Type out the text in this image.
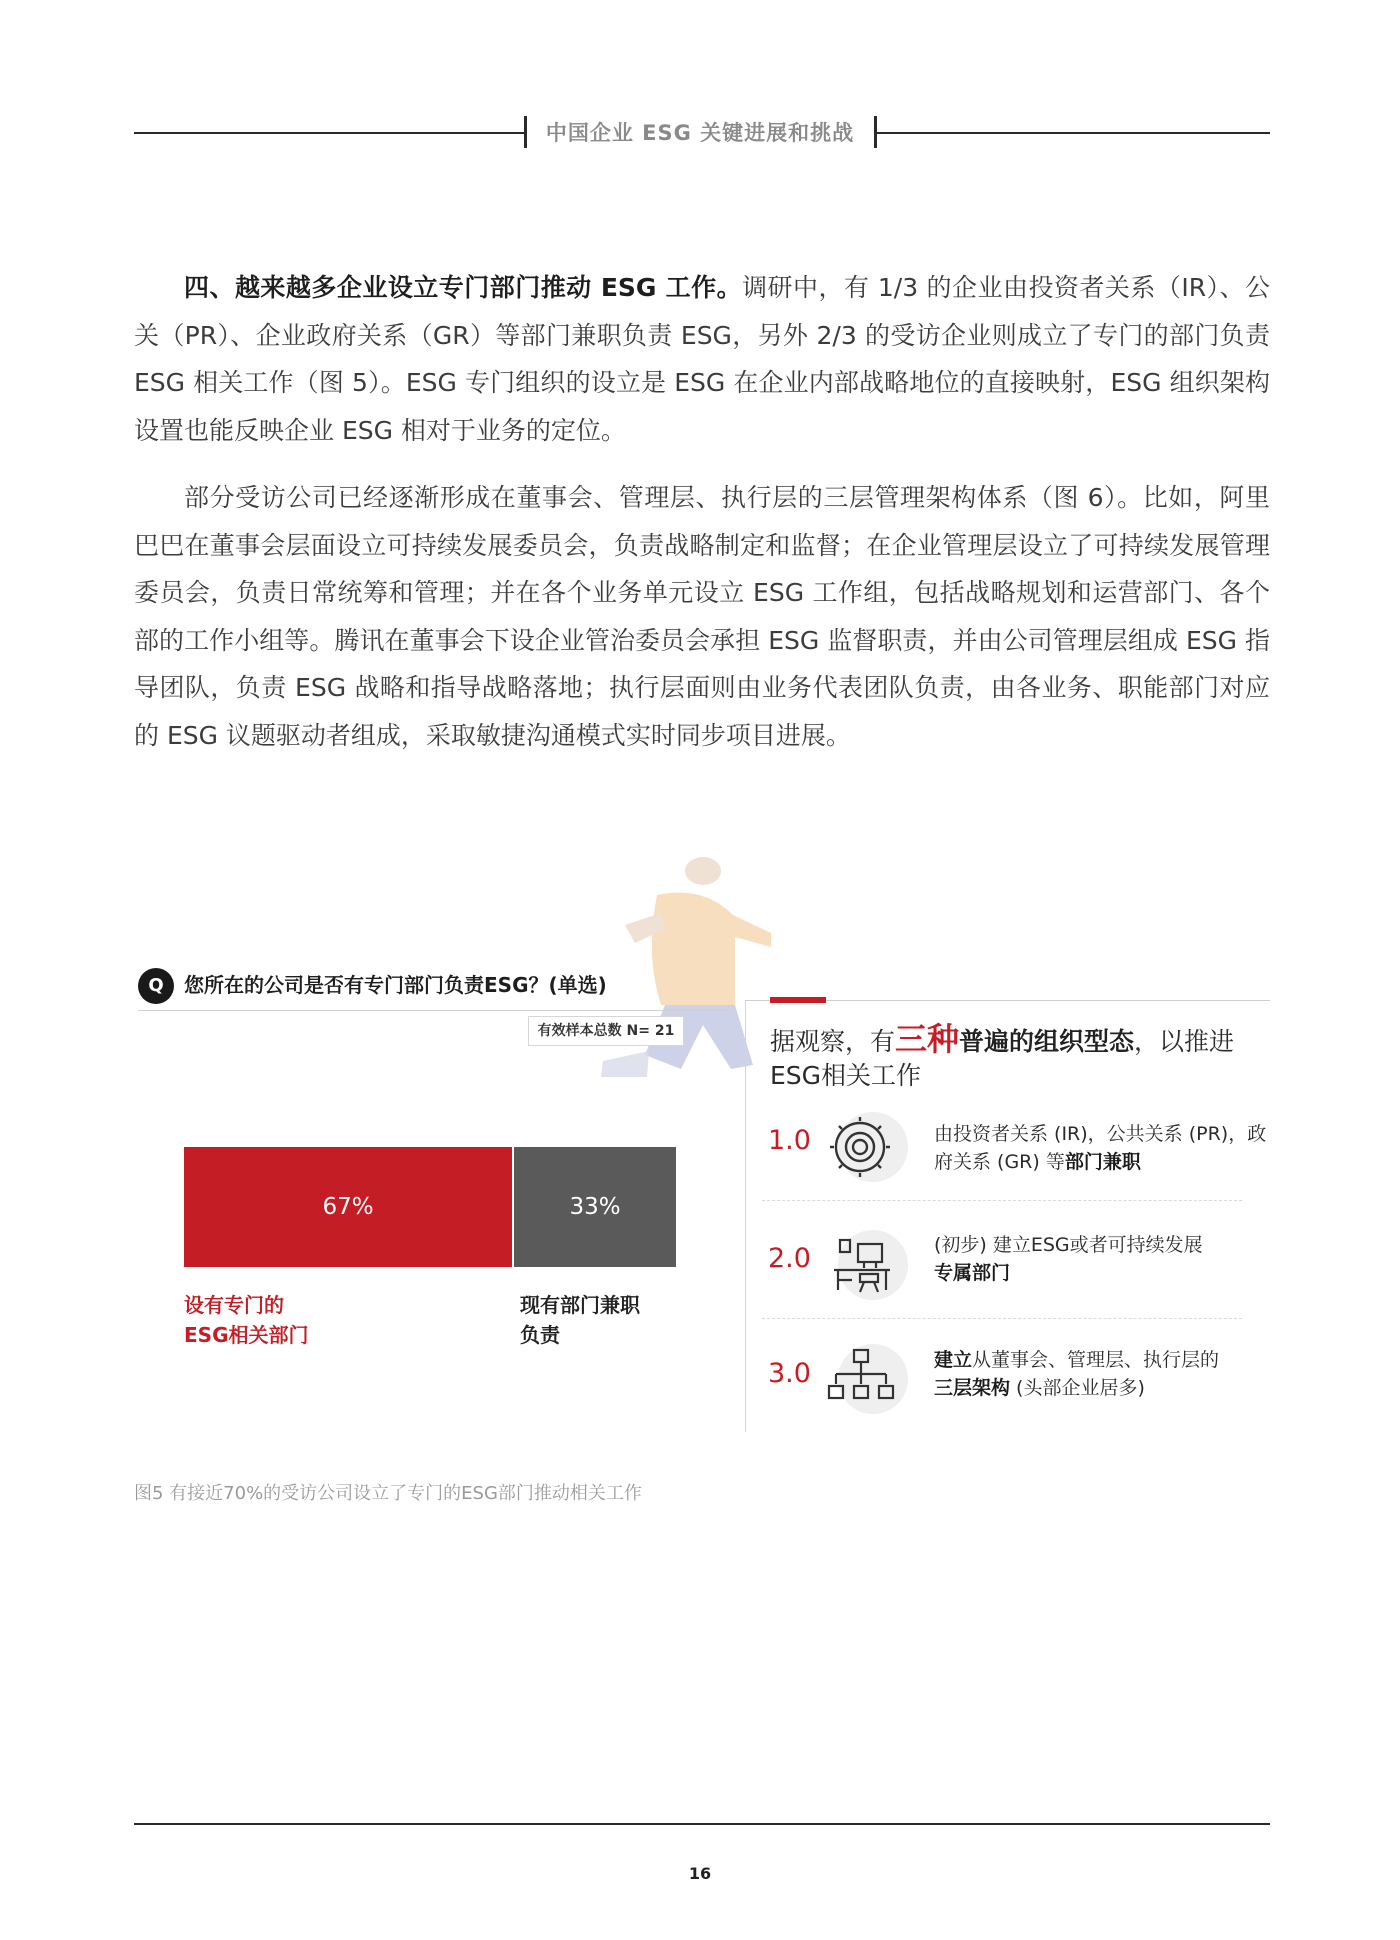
中国企业 ESG 关键进展和挑战

四、越来越多企业设立专门部门推动 ESG 工作。调研中，有 1/3 的企业由投资者关系（IR）、公关（PR）、企业政府关系（GR）等部门兼职负责 ESG，另外 2/3 的受访企业则成立了专门的部门负责 ESG 相关工作（图 5）。ESG 专门组织的设立是 ESG 在企业内部战略地位的直接映射，ESG 组织架构设置也能反映企业 ESG 相对于业务的定位。

部分受访公司已经逐渐形成在董事会、管理层、执行层的三层管理架构体系（图 6）。比如，阿里巴巴在董事会层面设立可持续发展委员会，负责战略制定和监督；在企业管理层设立了可持续发展管理委员会，负责日常统筹和管理；并在各个业务单元设立 ESG 工作组，包括战略规划和运营部门、各个部的工作小组等。腾讯在董事会下设企业管治委员会承担 ESG 监督职责，并由公司管理层组成 ESG 指导团队，负责 ESG 战略和指导战略落地；执行层面则由业务代表团队负责，由各业务、职能部门对应的 ESG 议题驱动者组成，采取敏捷沟通模式实时同步项目进展。

Q	您所在的公司是否有专门部门负责ESG？(单选)
有效样本总数 N= 21
67%	33%
设有专门的
ESG相关部门
现有部门兼职
负责
据观察，有三种普遍的组织型态，以推进ESG相关工作
1.0	由投资者关系 (IR)，公共关系 (PR)，政府关系 (GR) 等部门兼职
2.0	(初步) 建立ESG或者可持续发展
专属部门
3.0	建立从董事会、管理层、执行层的
三层架构 (头部企业居多)
图5 有接近70%的受访公司设立了专门的ESG部门推动相关工作
16
